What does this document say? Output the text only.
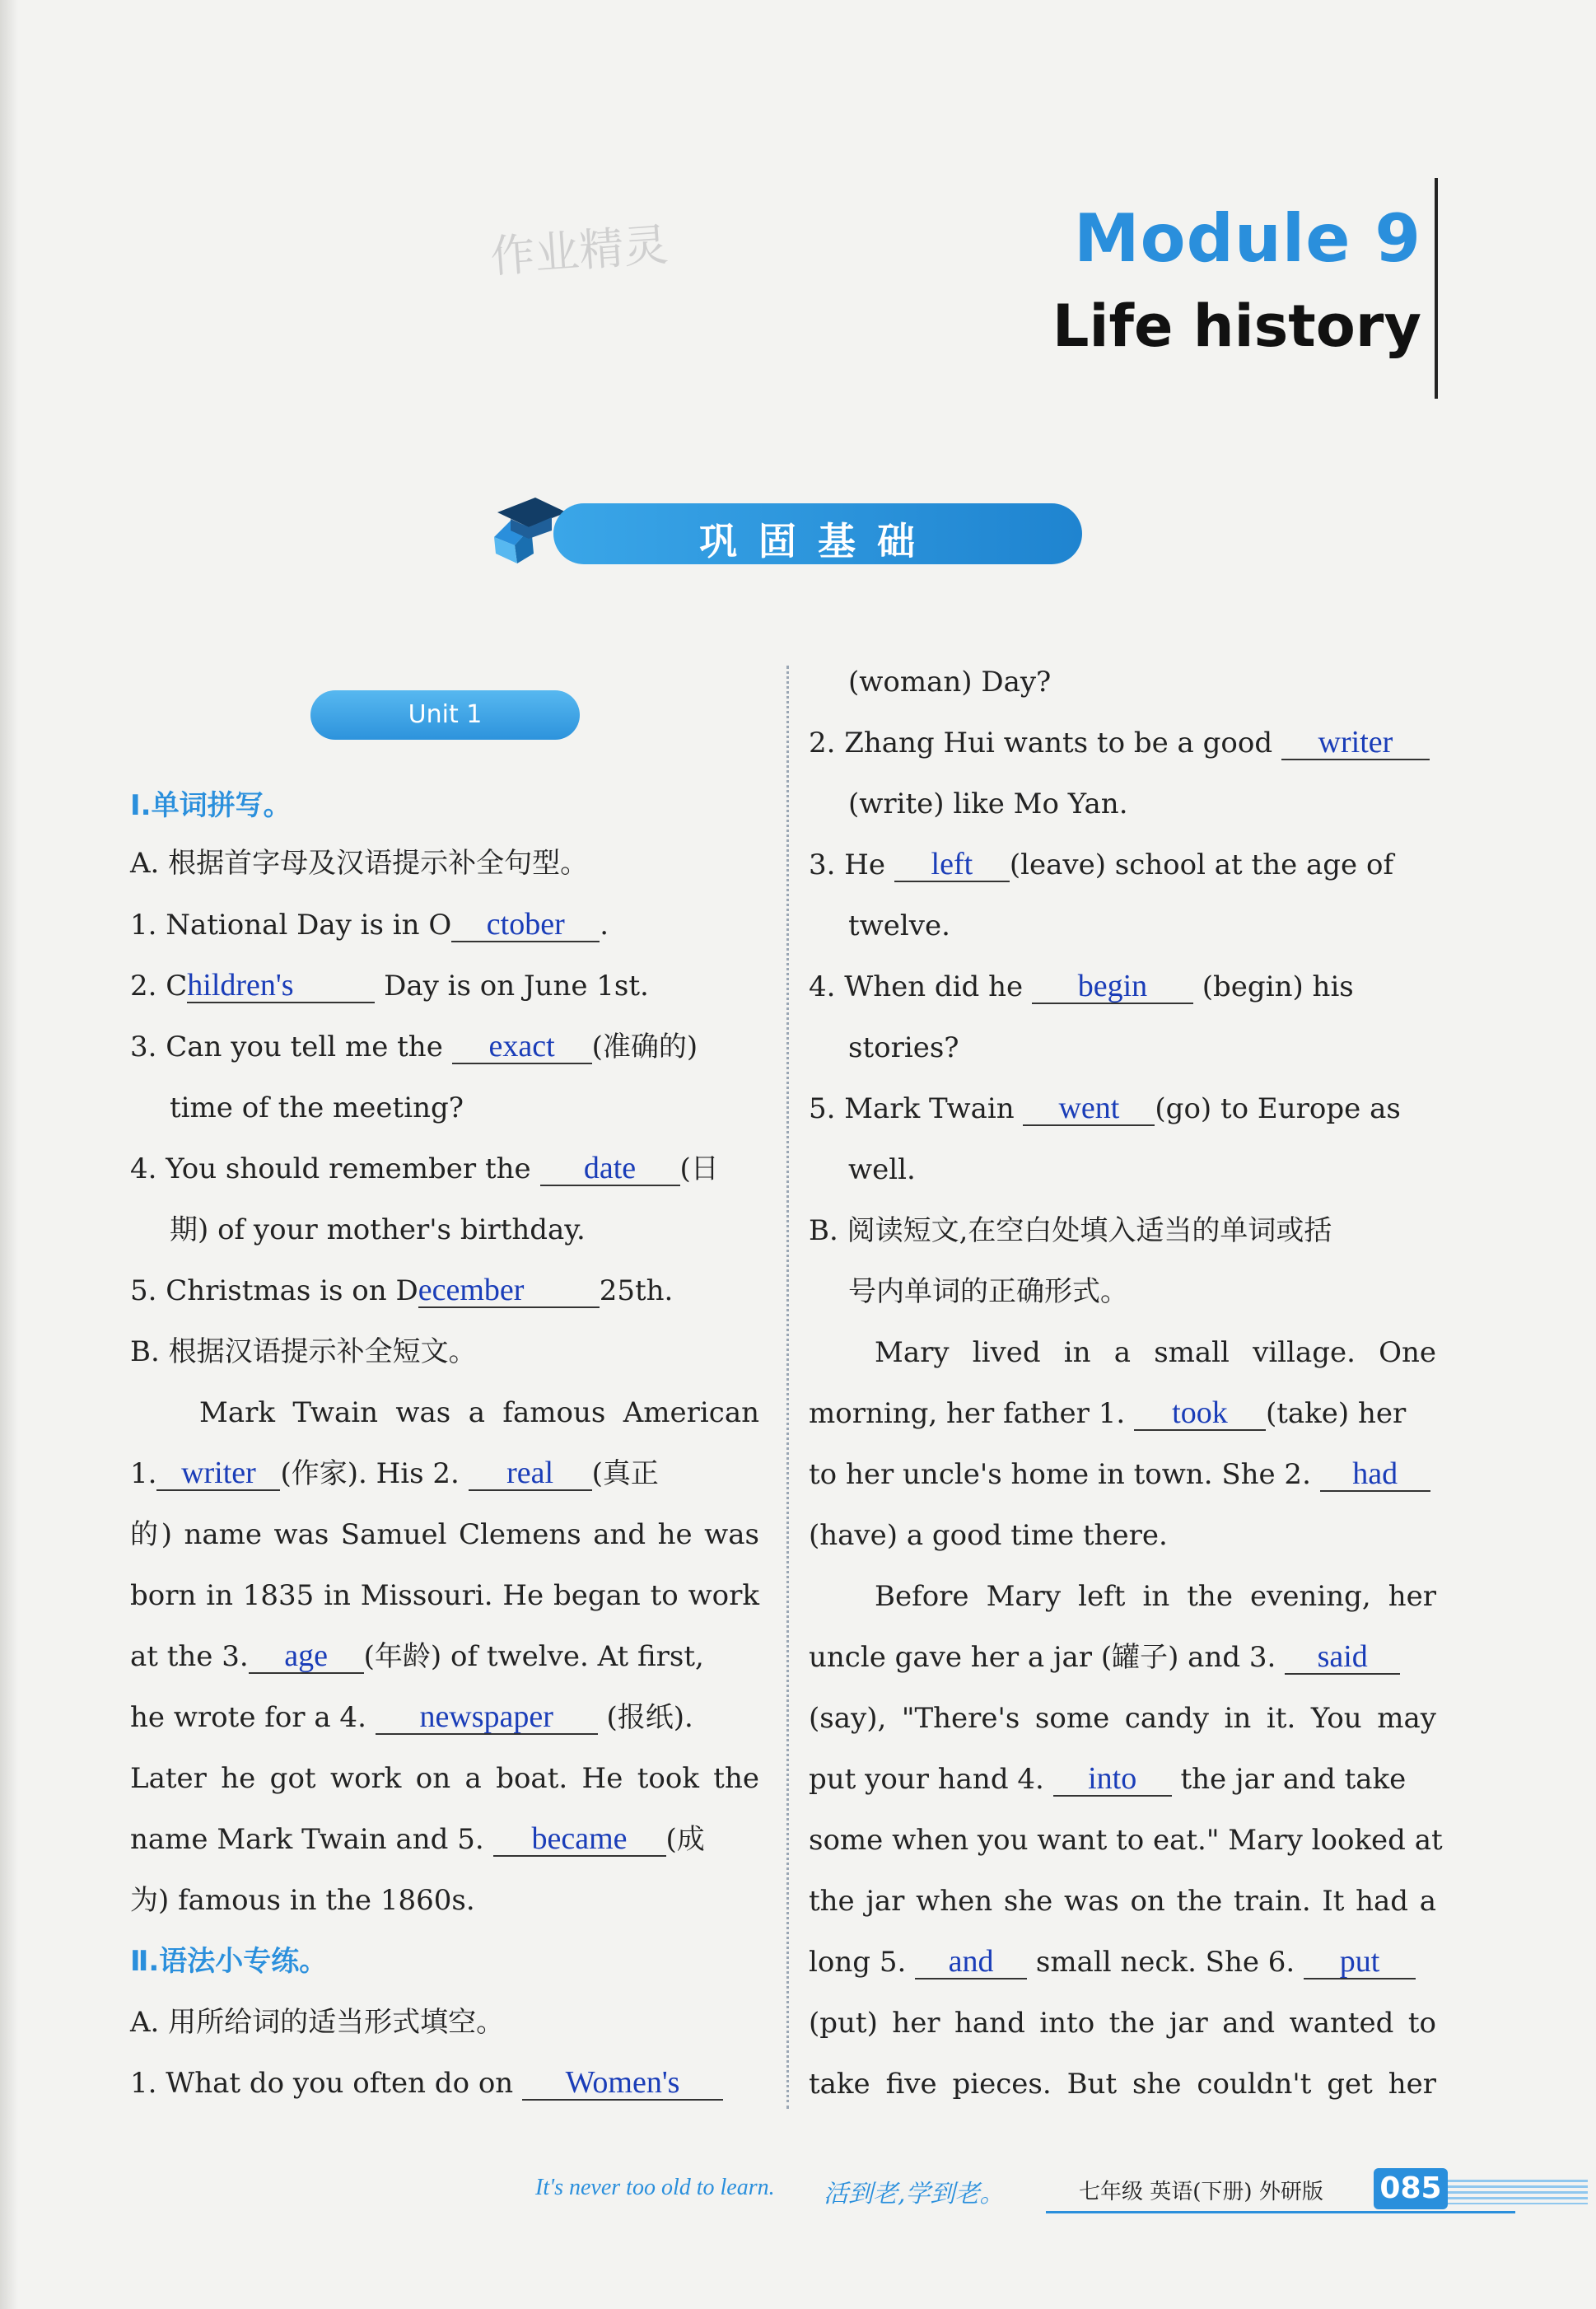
作业精灵	Module 9
Life history
巩固基础
Unit 1
Ⅰ.单词拼写。
A. 根据首字母及汉语提示补全句型。
1. National Day is in O ctober .
2. Children's	Day is on June 1st.
3. Can you tell me the exact (准确的)
time of the meeting?
4. You should remember the date (日
期) of your mother's birthday.
5. Christmas is on December	25th.
B. 根据汉语提示补全短文。
Mark Twain was a famous American
1. writer (作家). His 2. real (真正
的) name was Samuel Clemens and he was
born in 1835 in Missouri. He began to work
at the 3. age (年龄) of twelve. At first,
he wrote for a 4. newspaper (报纸).
Later he got work on a boat. He took the
name Mark Twain and 5. became (成
为) famous in the 1860s.
Ⅱ.语法小专练。
A. 用所给词的适当形式填空。
1. What do you often do on Women's
(woman) Day?
2. Zhang Hui wants to be a good writer
(write) like Mo Yan.
3. He left (leave) school at the age of
twelve.
4. When did he begin (begin) his
stories?
5. Mark Twain went (go) to Europe as
well.
B. 阅读短文,在空白处填入适当的单词或括
号内单词的正确形式。
Mary lived in a small village. One
morning, her father 1. took (take) her
to her uncle's home in town. She 2. had
(have) a good time there.
Before Mary left in the evening, her
uncle gave her a jar (罐子) and 3. said
(say), "There's some candy in it. You may
put your hand 4. into the jar and take
some when you want to eat." Mary looked at
the jar when she was on the train. It had a
long 5. and small neck. She 6. put
(put) her hand into the jar and wanted to
take five pieces. But she couldn't get her
It's never too old to learn. 活到老,学到老。	七年级 英语(下册) 外研版 085
